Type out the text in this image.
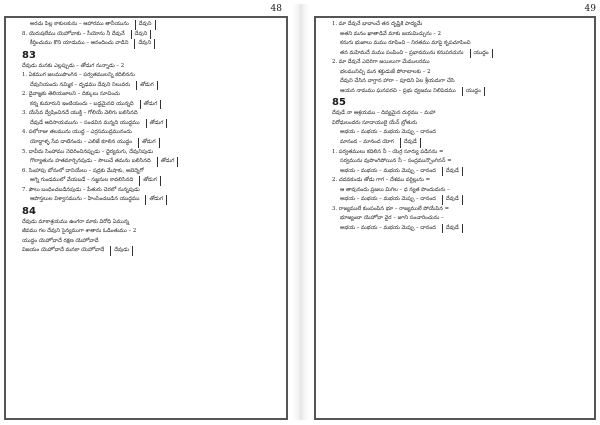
48
అరచు పిల్ల కాకులకును – ఆహారము తానీయును దేవుని
8. యెరుషలేము యెహోవాకు – సీయోను నీ దేవునే దేవుని
కీర్తించుము కొని యాడుము – ఆనందించు వాడిని దేవుని
83
దేవుడు మనకు ఎల్లప్పుడు – తోడుగ నున్నాడు – 2
1. ఏకముగ జలముపొంగిన – పర్వతములన్ని కదిలినను
దేవునియందు నమ్మిక – దృఢము దేవుని నిలువరు తోడుగ
2. దైవాజ్ఞకు తెలియజాలని – దిక్కులు సూచించు
కన్న కుమారుని ఇంటియందు – బద్ధమైనది యున్నది తోడుగ
3. యేసేవ ద్వేషించినదే యుక్తి – గోలియే వెలిగు బలిసినది
దేవుడే ఆదిసాయమును – సంచవిన మన్నది యుద్ధము తోడుగ
4. పలోరాజు తలమును యుద్ధ – ఎర్రసముద్రమునందు
యోద్ధాళ్ళ సేవ దాటినందు – ఎలిజే కూలిన యుద్ధం తోడుగ
5. దావీదు సింహాము నెదిరించినప్పుడు – ధైర్యమగు, దేవునిపుడు
గొల్యాతును హతమార్చినపుడు – సౌలుచే తమను బలిసినది తోడుగ
6. సింహాపు బోనులో దానియేలు – షద్రకు మేషాకు, అబెద్నెగో
అగ్ని గుండములో వేయబడే – సజ్జనుల కావలిసినది తోడుగ
7. పౌలు బంధించబడినపుడు – పేతురు చెరలో నున్నపుడు
ఆపొస్తలుల విశ్వాసమును – హింసించబడిన యుద్ధము తోడుగ
84
దేవుడు మాకాశ్రయము ఉంగరా మాకు విరోధి ఏమున్న
జీవము గల దేవుని సైన్యముగా శాతాను ఓడింతుము – 2
యుద్ధం యెహోవాదే రక్షణ యెహోవాదే
విజయం యెహోవాదే మనకా యెహోవాదే దేవుడు
49
1. మా దేవునే భావాంచే తన దృష్టికి పాద్యమే
అతని మనం ఖాతాడివే మాకు జయమిచ్చును – 2
కనుగు భుజాలు మము రూపించి – నిరతము మాపై కృపచూపించి
తన మహిమదే మము పంపించి – ప్రభావమును కనుపరచును యుద్ధం
2. మా దేవునే ఎదిరిగా జయిలుగా మేములరము
భలమునిచ్చి మన శక్తుడుజే పోరాటాలకు – 2
దేవుని చేసిన వాగ్దాన హారా – పూదిని ఏల శ్రీయదుగా చేసి
ఆయన నామము ఘనపరచి – ప్రభు ధ్వజము నిలిపెదము యుద్ధం
85
దేవుడే నా ఆశ్రయము – దివ్యమైన దుర్గము – మహా
విరోధులందరు సూదాయులై యేన్ బ్రోతురు
అభయ – మభయ – మభయ మెప్పు – దానంద
మానంద – మానంద యోగ దేవుడే
1. పర్వతములు కదిలిన నీ – యెర్ర సూర్యు పడినను =
సర్వమును వుపొంగిపోయిన నీ – సంద్రమున్పొంగినన్ =
అభయ – మభయ – మభయ మెప్పు – దానంద దేవుడే
2. చదవకుఁడు తోడు గాగ – దేశము వర్ధిల్లును =
ఆ తావునందు ప్రజలు మిగిల – ధ న్యత పొందుదురు –
అభయ – మభయ – మభయ మెప్పు – దానంద దేవుడే
3. రాజ్యములే కుంపంపిన భూ – రాజ్యములే పోయేపిన =
భూజ్యంబా యెహోవా వైర – జూని సంచారించును –
అభయ – మభయ – మభయ మెప్పు – దానంద దేవుడే
